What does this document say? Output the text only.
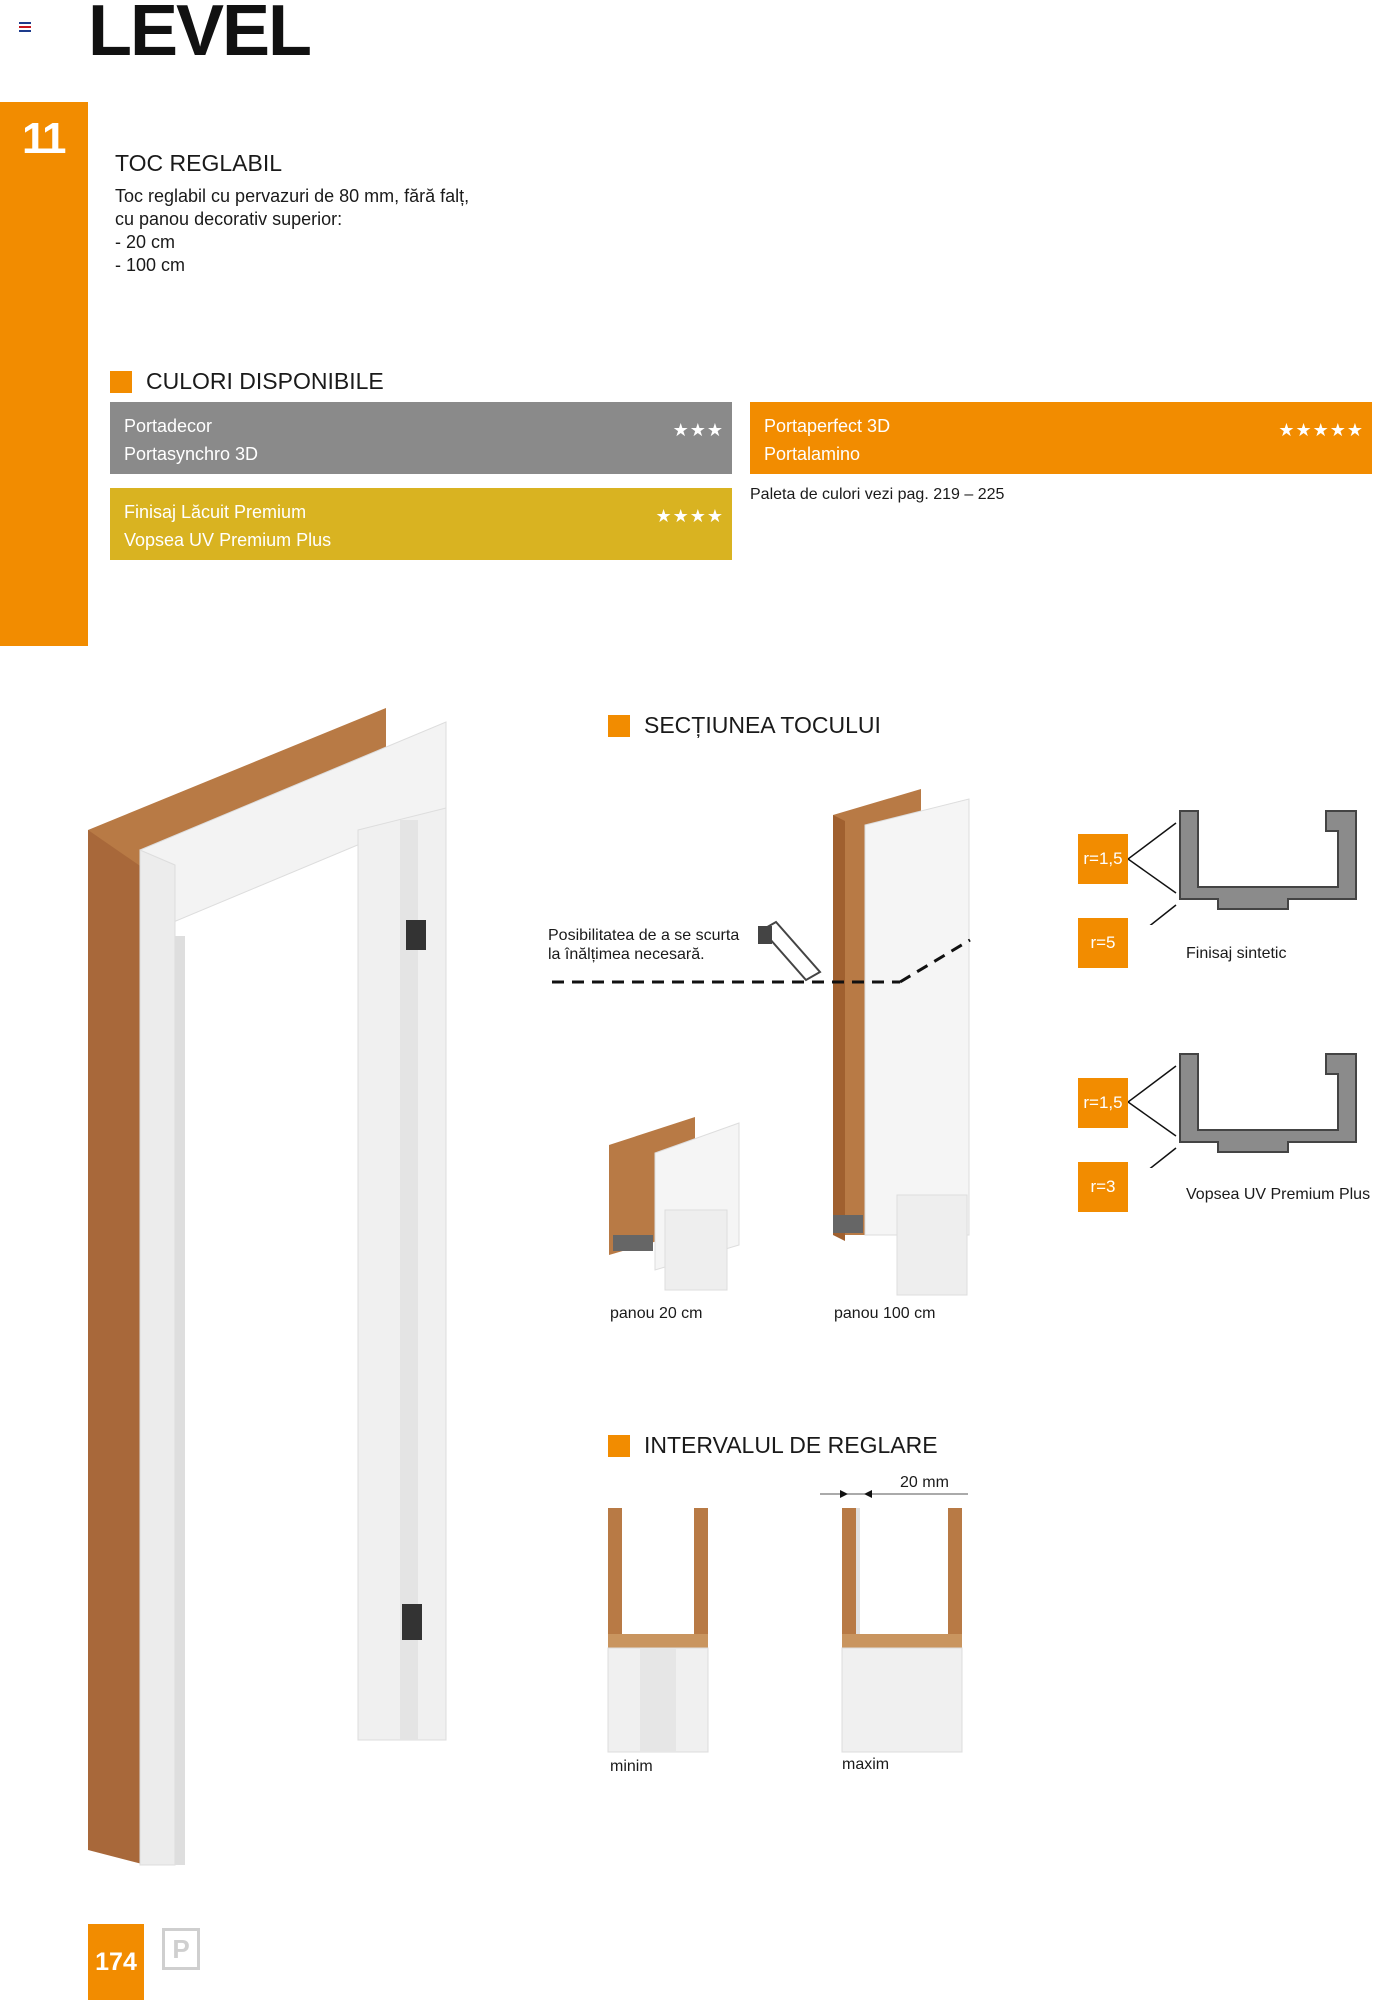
LEVEL
11 TOC REGLABIL
Toc reglabil cu pervazuri de 80 mm, fără falț,
cu panou decorativ superior:
- 20 cm
- 100 cm
CULORI DISPONIBILE
Portadecor
Portasynchro 3D
★★★ Portaperfect 3D
Portalamino
★★★★★
Finisaj Lăcuit Premium
Vopsea UV Premium Plus
★★★★
Paleta de culori vezi pag. 219 – 225
SECȚIUNEA TOCULUI
Posibilitatea de a se scurta
la înălțimea necesară.
panou 20 cm	panou 100 cm
r=1,5
r=5
r=1,5
r=3
Finisaj sintetic
Vopsea UV Premium Plus
INTERVALUL DE REGLARE
20 mm
minim	maxim
174	P
